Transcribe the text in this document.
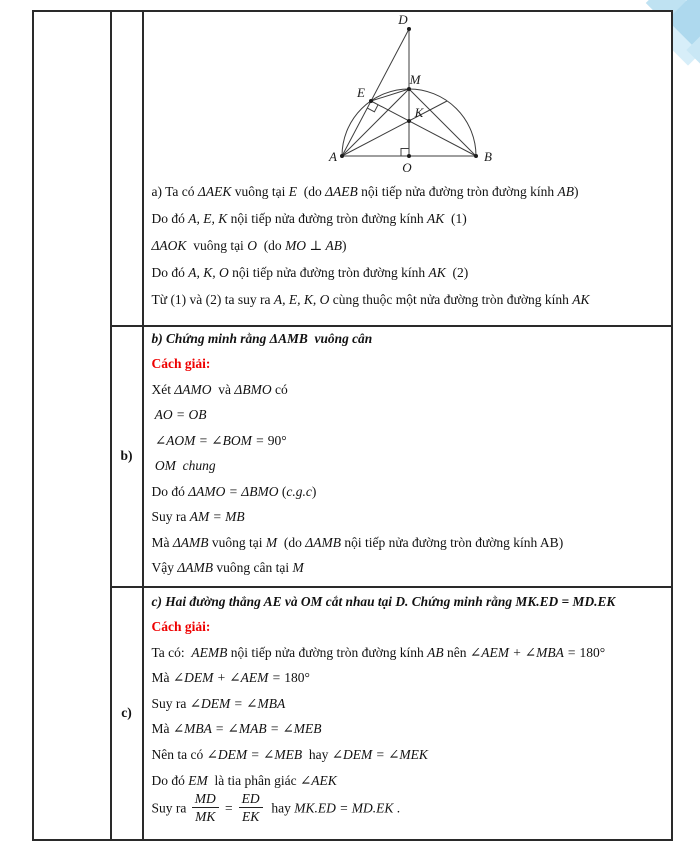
b)
c)
D
M
E
K
A	B
O
a) Ta có ΔAEK vuông tại E  (do ΔAEB nội tiếp nửa đường tròn đường kính AB)
Do đó A, E, K nội tiếp nửa đường tròn đường kính AK  (1)
ΔAOK  vuông tại O  (do MO ⊥ AB)
Do đó A, K, O nội tiếp nửa đường tròn đường kính AK  (2)
Từ (1) và (2) ta suy ra A, E, K, O cùng thuộc một nửa đường tròn đường kính AK
b) Chứng minh rằng ΔAMB  vuông cân
Cách giải:
Xét ΔAMO  và ΔBMO có
AO = OB
∠AOM = ∠BOM = 90°
OM chung
Do đó ΔAMO = ΔBMO (c.g.c)
Suy ra AM = MB
Mà ΔAMB vuông tại M  (do ΔAMB nội tiếp nửa đường tròn đường kính AB)
Vậy ΔAMB vuông cân tại M
c) Hai đường thẳng AE và OM cắt nhau tại D. Chứng minh rằng MK.ED = MD.EK
Cách giải:
Ta có:  AEMB nội tiếp nửa đường tròn đường kính AB nên ∠AEM + ∠MBA = 180°
Mà ∠DEM + ∠AEM = 180°
Suy ra ∠DEM = ∠MBA
Mà ∠MBA = ∠MAB = ∠MEB
Nên ta có ∠DEM = ∠MEB  hay ∠DEM = ∠MEK
Do đó EM  là tia phân giác ∠AEK
Suy ra $\frac{MD}{MK} = \frac{ED}{EK}$ hay MK.ED = MD.EK .
